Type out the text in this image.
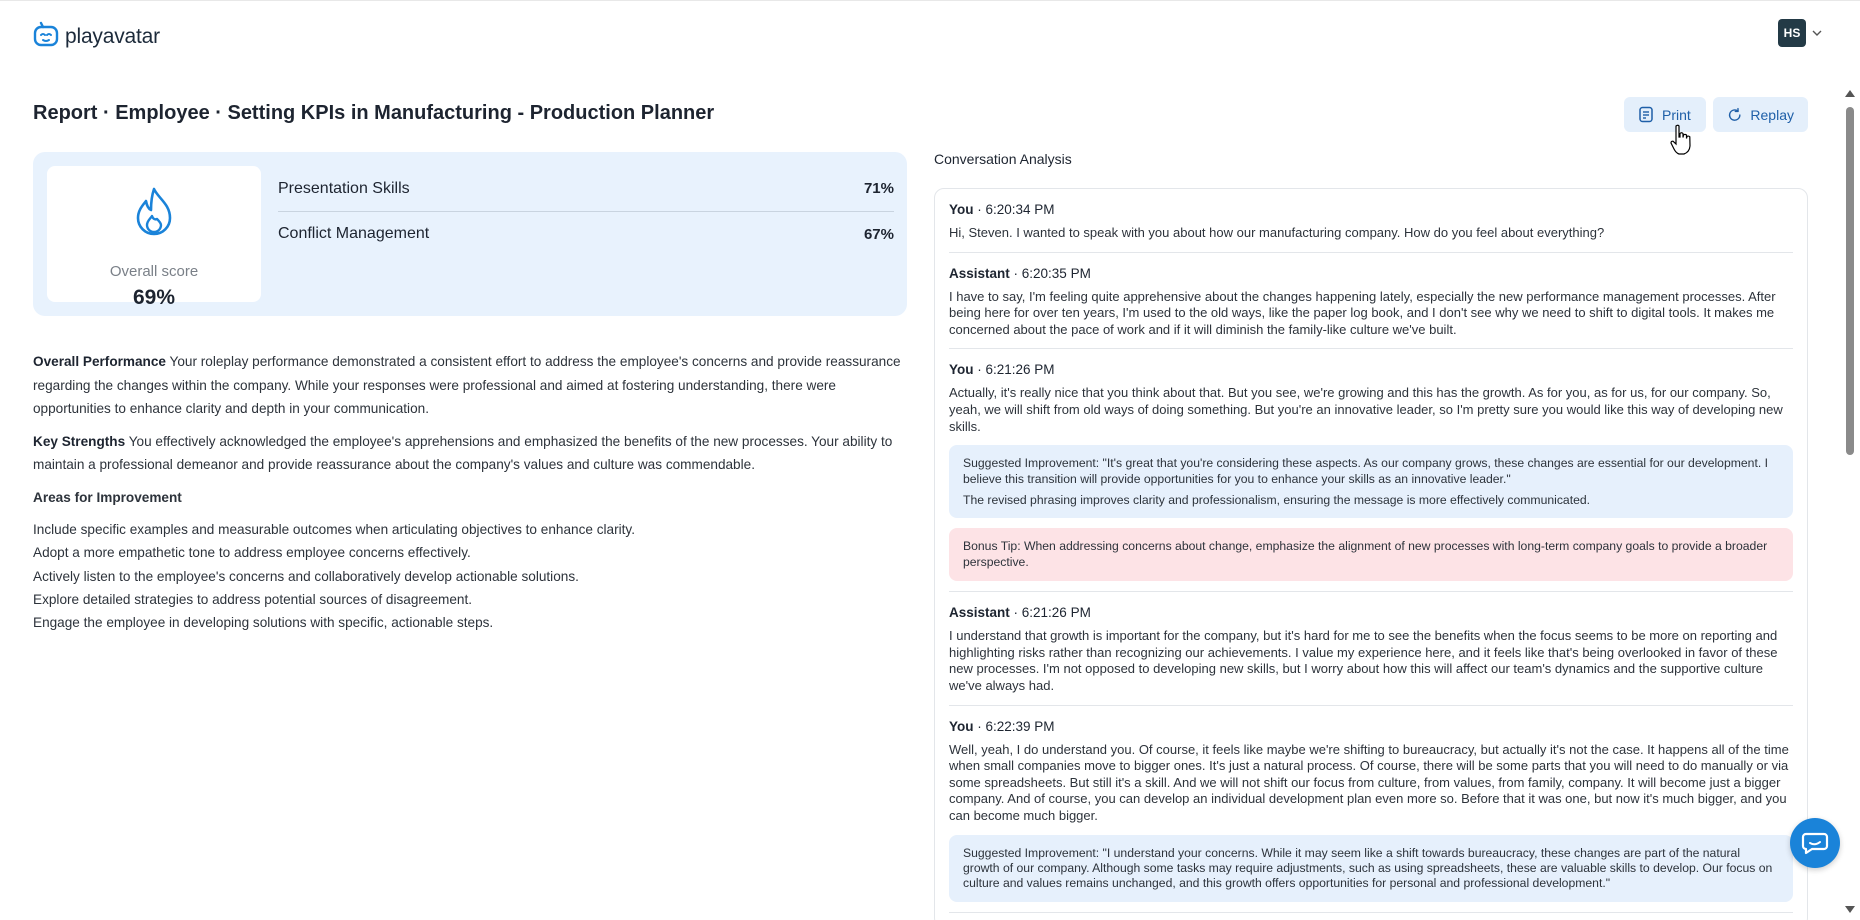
playavatar	HS
Report · Employee · Setting KPIs in Manufacturing - Production Planner	Print	Replay
Overall score
69%
Presentation Skills	71%
Conflict Management	67%
Overall Performance Your roleplay performance demonstrated a consistent effort to address the employee's concerns and provide reassurance regarding the changes within the company. While your responses were professional and aimed at fostering understanding, there were opportunities to enhance clarity and depth in your communication.
Key Strengths You effectively acknowledged the employee's apprehensions and emphasized the benefits of the new processes. Your ability to maintain a professional demeanor and provide reassurance about the company's values and culture was commendable.
Areas for Improvement
Include specific examples and measurable outcomes when articulating objectives to enhance clarity.
Adopt a more empathetic tone to address employee concerns effectively.
Actively listen to the employee's concerns and collaboratively develop actionable solutions.
Explore detailed strategies to address potential sources of disagreement.
Engage the employee in developing solutions with specific, actionable steps.
Conversation Analysis
You · 6:20:34 PM
Hi, Steven. I wanted to speak with you about how our manufacturing company. How do you feel about everything?
Assistant · 6:20:35 PM
I have to say, I'm feeling quite apprehensive about the changes happening lately, especially the new performance management processes. After being here for over ten years, I'm used to the old ways, like the paper log book, and I don't see why we need to shift to digital tools. It makes me concerned about the pace of work and if it will diminish the family-like culture we've built.
You · 6:21:26 PM
Actually, it's really nice that you think about that. But you see, we're growing and this has the growth. As for you, as for us, for our company. So, yeah, we will shift from old ways of doing something. But you're an innovative leader, so I'm pretty sure you would like this way of developing new skills.
Suggested Improvement: "It's great that you're considering these aspects. As our company grows, these changes are essential for our development. I believe this transition will provide opportunities for you to enhance your skills as an innovative leader."
The revised phrasing improves clarity and professionalism, ensuring the message is more effectively communicated.
Bonus Tip: When addressing concerns about change, emphasize the alignment of new processes with long-term company goals to provide a broader perspective.
Assistant · 6:21:26 PM
I understand that growth is important for the company, but it's hard for me to see the benefits when the focus seems to be more on reporting and highlighting risks rather than recognizing our achievements. I value my experience here, and it feels like that's being overlooked in favor of these new processes. I'm not opposed to developing new skills, but I worry about how this will affect our team's dynamics and the supportive culture we've always had.
You · 6:22:39 PM
Well, yeah, I do understand you. Of course, it feels like maybe we're shifting to bureaucracy, but actually it's not the case. It happens all of the time when small companies move to bigger ones. It's just a natural process. Of course, there will be some parts that you will need to do manually or via some spreadsheets. But still it's a skill. And we will not shift our focus from culture, from values, from family, company. It will become just a bigger company. And of course, you can develop an individual development plan even more so. Before that it was one, but now it's much bigger, and you can become much bigger.
Suggested Improvement: "I understand your concerns. While it may seem like a shift towards bureaucracy, these changes are part of the natural growth of our company. Although some tasks may require adjustments, such as using spreadsheets, these are valuable skills to develop. Our focus on culture and values remains unchanged, and this growth offers opportunities for personal and professional development."
